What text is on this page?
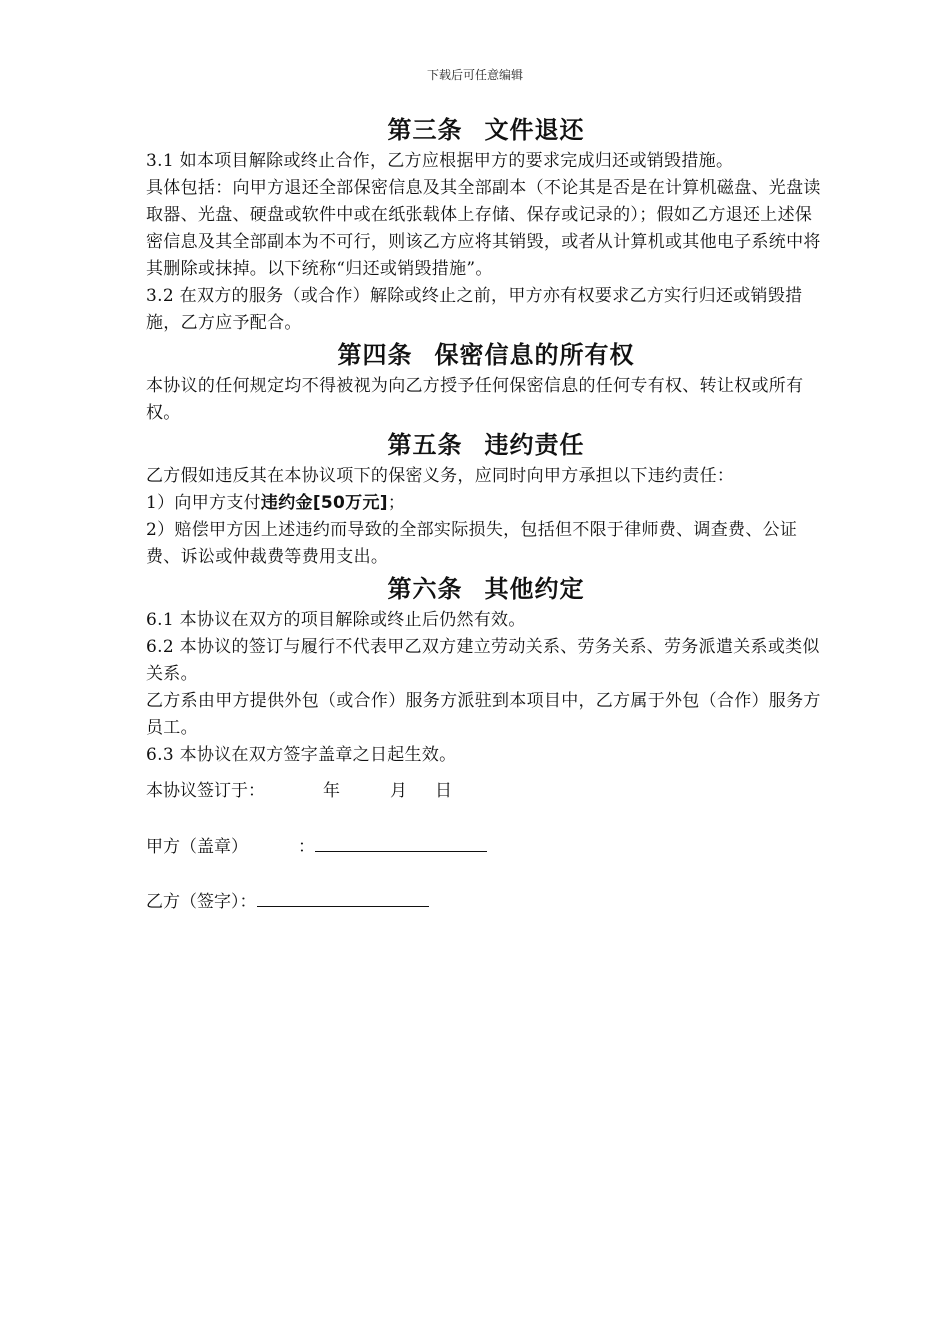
下载后可任意编辑
第三条 文件退还

3.1 如本项目解除或终止合作，乙方应根据甲方的要求完成归还或销毁措施。

具体包括：向甲方退还全部保密信息及其全部副本（不论其是否是在计算机磁盘、光盘读取器、光盘、硬盘或软件中或在纸张载体上存储、保存或记录的）；假如乙方退还上述保密信息及其全部副本为不可行，则该乙方应将其销毁，或者从计算机或其他电子系统中将其删除或抹掉。以下统称“归还或销毁措施”。

3.2 在双方的服务（或合作）解除或终止之前，甲方亦有权要求乙方实行归还或销毁措施，乙方应予配合。

第四条 保密信息的所有权

本协议的任何规定均不得被视为向乙方授予任何保密信息的任何专有权、转让权或所有权。

第五条 违约责任

乙方假如违反其在本协议项下的保密义务，应同时向甲方承担以下违约责任：

1）向甲方支付违约金[50万元]；

2）赔偿甲方因上述违约而导致的全部实际损失，包括但不限于律师费、调查费、公证费、诉讼或仲裁费等费用支出。

第六条 其他约定

6.1 本协议在双方的项目解除或终止后仍然有效。

6.2 本协议的签订与履行不代表甲乙双方建立劳动关系、劳务关系、劳务派遣关系或类似关系。

乙方系由甲方提供外包（或合作）服务方派驻到本项目中，乙方属于外包（合作）服务方员工。

6.3 本协议在双方签字盖章之日起生效。

本协议签订于：	年	月 日
甲方（盖章）	：
乙方（签字）：
